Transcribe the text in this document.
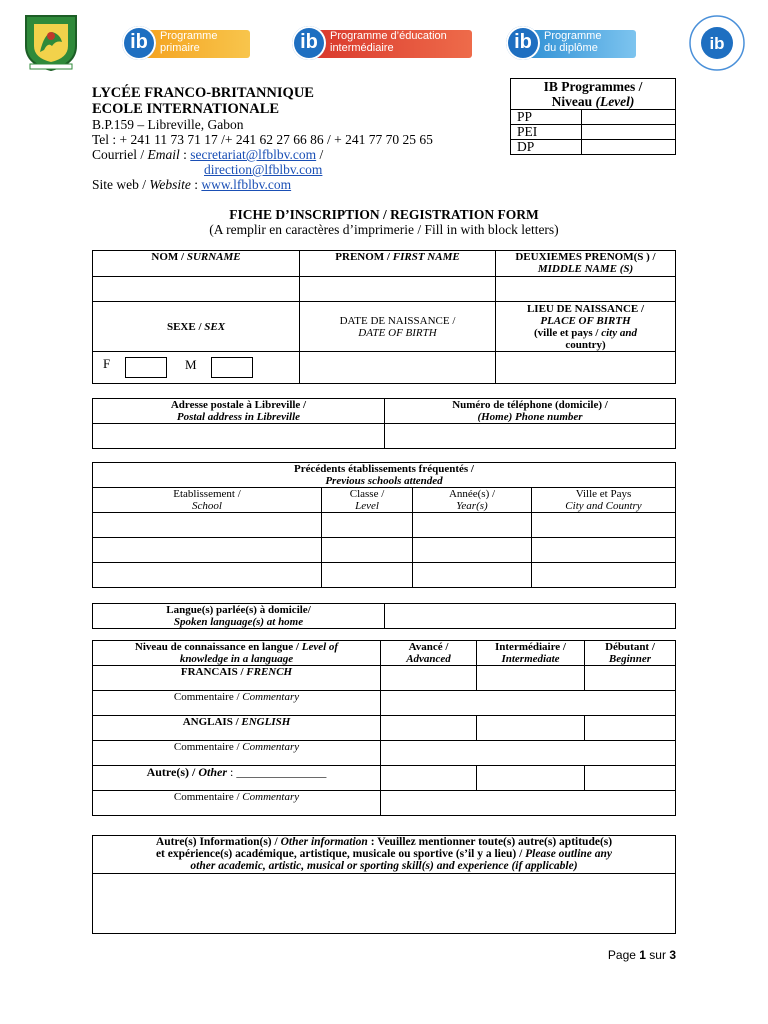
ib	Programme
primaire	ib	Programme d’éducation
intermédiaire	ib	Programme
du diplôme	ib
LYCÉE FRANCO-BRITANNIQUE
ECOLE INTERNATIONALE
B.P.159 – Libreville, Gabon
Tel : + 241 11 73 71 17 /+ 241 62 27 66 86 / + 241 77 70 25 65
Courriel / Email : secretariat@lfblbv.com /
direction@lfblbv.com
Site web / Website : www.lfblbv.com
IB Programmes /
Niveau (Level)	
PP	
PEI	
DP	
FICHE D’INSCRIPTION / REGISTRATION FORM
(A remplir en caractères d’imprimerie / Fill in with block letters)
NOM / SURNAME	PRENOM / FIRST NAME	DEUXIEMES PRENOM(S ) /
MIDDLE NAME (S)

SEXE / SEX	DATE DE NAISSANCE /
DATE OF BIRTH	LIEU DE NAISSANCE /
PLACE OF BIRTH
(ville et pays / city and
country)

F M		

Adresse postale à Libreville /
Postal address in Libreville	Numéro de téléphone (domicile) /
(Home) Phone number

Précédents établissements fréquentés /
Previous schools attended			
Etablissement /
School	Classe /
Level	Année(s) /
Year(s)	Ville et Pays
City and Country

Langue(s) parlée(s) à domicile/
Spoken language(s) at home	
Niveau de connaissance en langue / Level of
knowledge in a language	Avancé /
Advanced	Intermédiaire /
Intermediate	Débutant /
Beginner
FRANCAIS / FRENCH			
Commentaire / Commentary			
ANGLAIS / ENGLISH			
Commentaire / Commentary			
Autre(s) / Other : _______________			
Commentaire / Commentary			
Autre(s) Information(s) / Other information : Veuillez mentionner toute(s) autre(s) aptitude(s)
et expérience(s) académique, artistique, musicale ou sportive (s’il y a lieu) / Please outline any
other academic, artistic, musical or sporting skill(s) and experience (if applicable)

Page 1 sur 3
